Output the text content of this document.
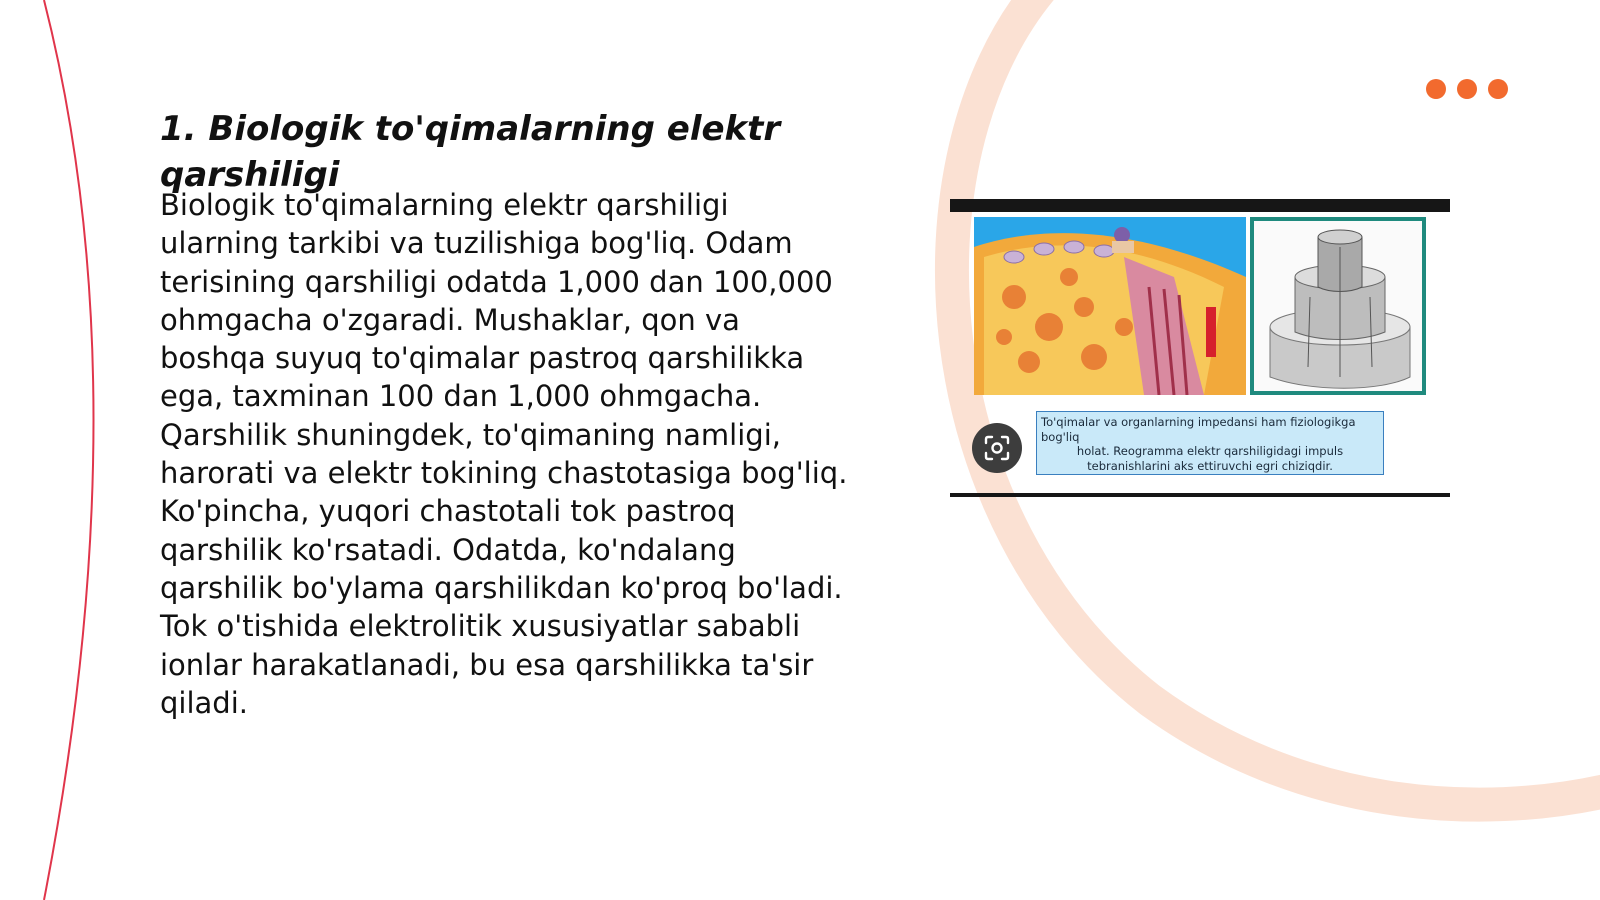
1. Biologik to'qimalarning elektr qarshiligi

Biologik to'qimalarning elektr qarshiligi ularning tarkibi va tuzilishiga bog'liq. Odam terisining qarshiligi odatda 1,000 dan 100,000 ohmgacha o'zgaradi. Mushaklar, qon va boshqa suyuq to'qimalar pastroq qarshilikka ega, taxminan 100 dan 1,000 ohmgacha. Qarshilik shuningdek, to'qimaning namligi, harorati va elektr tokining chastotasiga bog'liq. Ko'pincha, yuqori chastotali tok pastroq qarshilik ko'rsatadi. Odatda, ko'ndalang qarshilik bo'ylama qarshilikdan ko'proq bo'ladi. Tok o'tishida elektrolitik xususiyatlar sababli ionlar harakatlanadi, bu esa qarshilikka ta'sir qiladi.

To'qimalar va organlarning impedansi ham fiziologikga bog'liq
holat. Reogramma elektr qarshiligidagi impuls
tebranishlarini aks ettiruvchi egri chiziqdir.
